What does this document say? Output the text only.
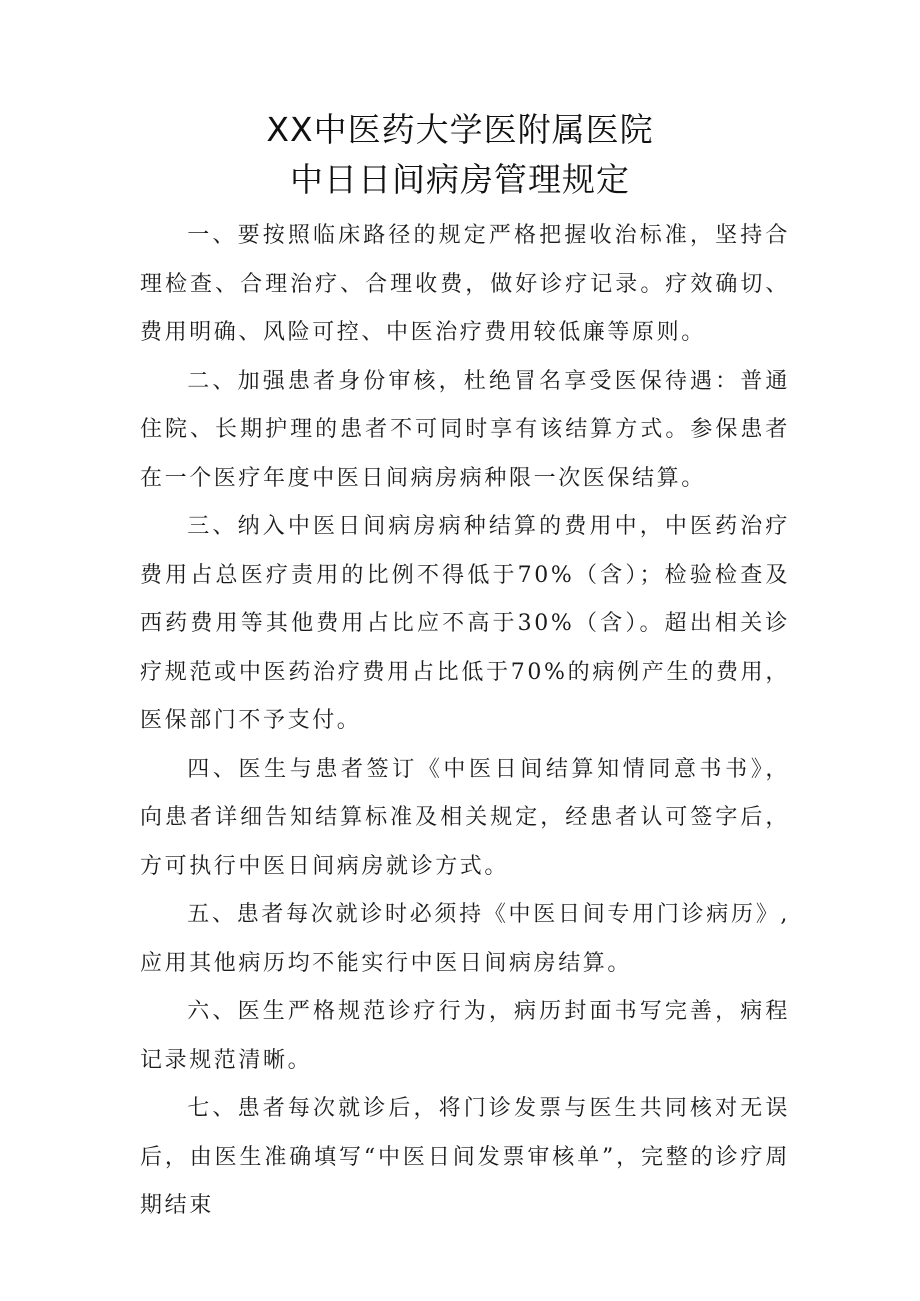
XX中医药大学医附属医院
中日日间病房管理规定

一、要按照临床路径的规定严格把握收治标准，坚持合理检查、合理治疗、合理收费，做好诊疗记录。疗效确切、费用明确、风险可控、中医治疗费用较低廉等原则。

二、加强患者身份审核，杜绝冒名享受医保待遇：普通住院、长期护理的患者不可同时享有该结算方式。参保患者在一个医疗年度中医日间病房病种限一次医保结算。

三、纳入中医日间病房病种结算的费用中，中医药治疗费用占总医疗责用的比例不得低于70%（含）；检验检查及西药费用等其他费用占比应不高于30%（含）。超出相关诊疗规范或中医药治疗费用占比低于70%的病例产生的费用，医保部门不予支付。

四、医生与患者签订《中医日间结算知情同意书书》，向患者详细告知结算标准及相关规定，经患者认可签字后，方可执行中医日间病房就诊方式。

五、患者每次就诊时必须持《中医日间专用门诊病历》,应用其他病历均不能实行中医日间病房结算。

六、医生严格规范诊疗行为，病历封面书写完善，病程记录规范清晰。

七、患者每次就诊后，将门诊发票与医生共同核对无误后，由医生准确填写“中医日间发票审核单”，完整的诊疗周期结束
